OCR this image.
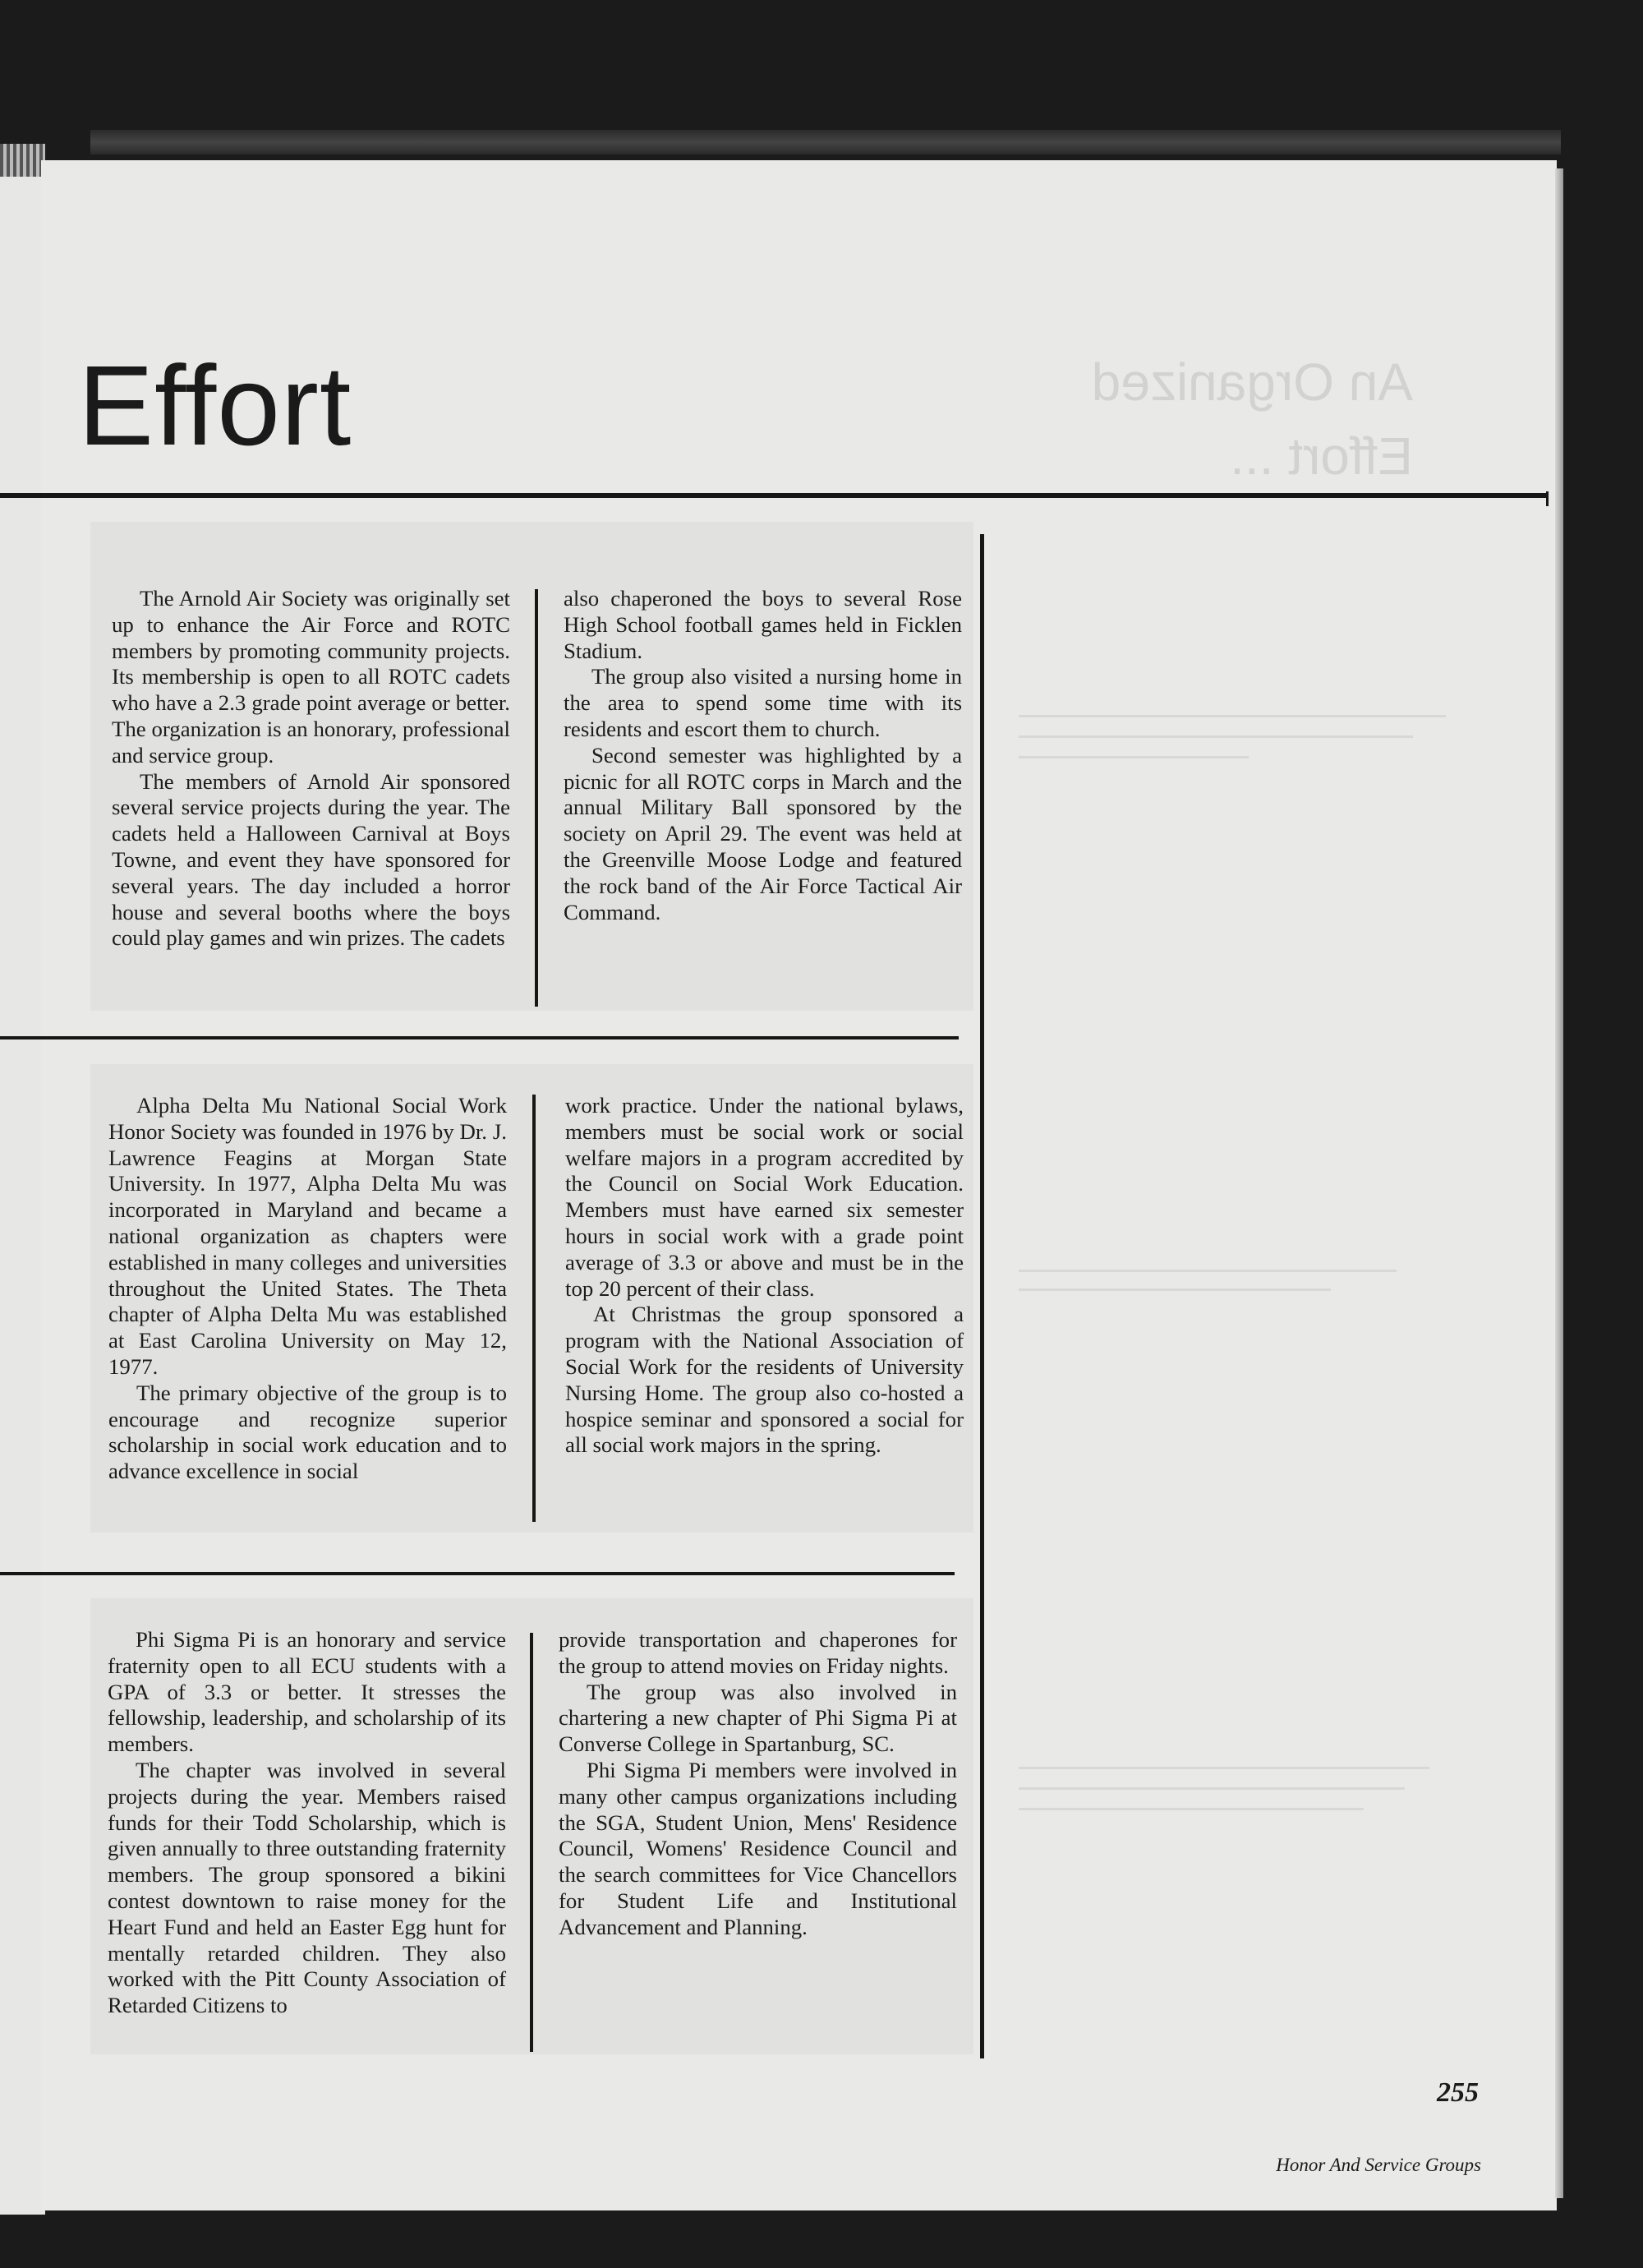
Effort	An Organized Effort ...

The Arnold Air Society was originally set up to enhance the Air Force and ROTC members by promoting community projects. Its membership is open to all ROTC cadets who have a 2.3 grade point average or better. The organization is an honorary, professional and service group.

The members of Arnold Air sponsored several service projects during the year. The cadets held a Halloween Carnival at Boys Towne, and event they have sponsored for several years. The day included a horror house and several booths where the boys could play games and win prizes. The cadets

also chaperoned the boys to several Rose High School football games held in Ficklen Stadium.

The group also visited a nursing home in the area to spend some time with its residents and escort them to church.

Second semester was highlighted by a picnic for all ROTC corps in March and the annual Military Ball sponsored by the society on April 29. The event was held at the Greenville Moose Lodge and featured the rock band of the Air Force Tactical Air Command.

Alpha Delta Mu National Social Work Honor Society was founded in 1976 by Dr. J. Lawrence Feagins at Morgan State University. In 1977, Alpha Delta Mu was incorporated in Maryland and became a national organization as chapters were established in many colleges and universities throughout the United States. The Theta chapter of Alpha Delta Mu was established at East Carolina University on May 12, 1977.

The primary objective of the group is to encourage and recognize superior scholarship in social work education and to advance excellence in social

work practice. Under the national bylaws, members must be social work or social welfare majors in a program accredited by the Council on Social Work Education. Members must have earned six semester hours in social work with a grade point average of 3.3 or above and must be in the top 20 percent of their class.

At Christmas the group sponsored a program with the National Association of Social Work for the residents of University Nursing Home. The group also co-hosted a hospice seminar and sponsored a social for all social work majors in the spring.

Phi Sigma Pi is an honorary and service fraternity open to all ECU students with a GPA of 3.3 or better. It stresses the fellowship, leadership, and scholarship of its members.

The chapter was involved in several projects during the year. Members raised funds for their Todd Scholarship, which is given annually to three outstanding fraternity members. The group sponsored a bikini contest downtown to raise money for the Heart Fund and held an Easter Egg hunt for mentally retarded children. They also worked with the Pitt County Association of Retarded Citizens to

provide transportation and chaperones for the group to attend movies on Friday nights.

The group was also involved in chartering a new chapter of Phi Sigma Pi at Converse College in Spartanburg, SC.

Phi Sigma Pi members were involved in many other campus organizations including the SGA, Student Union, Mens' Residence Council, Womens' Residence Council and the search committees for Vice Chancellors for Student Life and Institutional Advancement and Planning.

255
Honor And Service Groups
